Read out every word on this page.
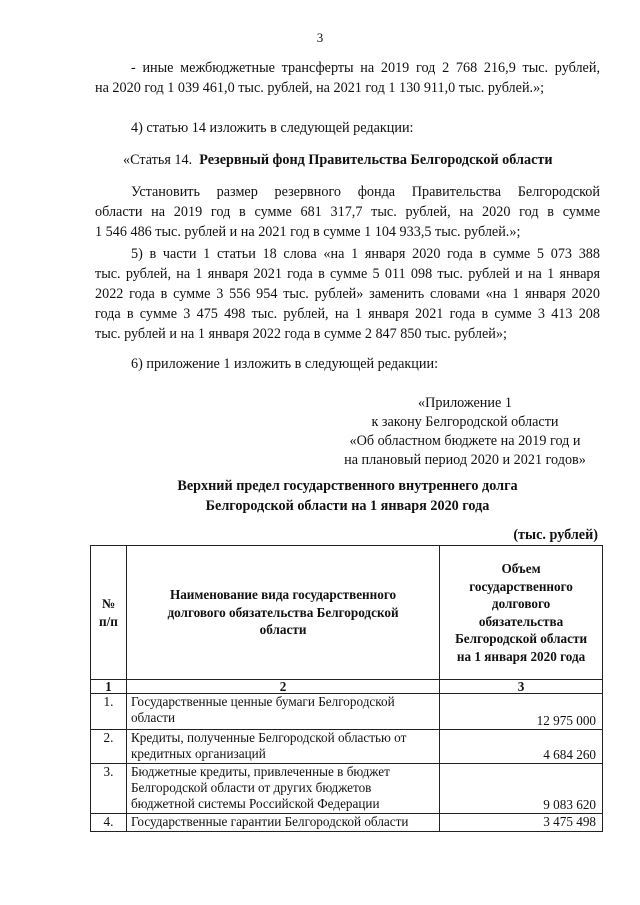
3
- иные межбюджетные трансферты на 2019 год 2 768 216,9 тыс. рублей,
на 2020 год 1 039 461,0 тыс. рублей, на 2021 год 1 130 911,0 тыс. рублей.»;
4) статью 14 изложить в следующей редакции:
«Статья 14. Резервный фонд Правительства Белгородской области
Установить размер резервного фонда Правительства Белгородской
области на 2019 год в сумме 681 317,7 тыс. рублей, на 2020 год в сумме
1 546 486 тыс. рублей и на 2021 год в сумме 1 104 933,5 тыс. рублей.»;
5) в части 1 статьи 18 слова «на 1 января 2020 года в сумме 5 073 388
тыс. рублей, на 1 января 2021 года в сумме 5 011 098 тыс. рублей и на 1 января
2022 года в сумме 3 556 954 тыс. рублей» заменить словами «на 1 января 2020
года в сумме 3 475 498 тыс. рублей, на 1 января 2021 года в сумме 3 413 208
тыс. рублей и на 1 января 2022 года в сумме 2 847 850 тыс. рублей»;
6) приложение 1 изложить в следующей редакции:
«Приложение 1
к закону Белгородской области
«Об областном бюджете на 2019 год и
на плановый период 2020 и 2021 годов»
Верхний предел государственного внутреннего долга
Белгородской области на 1 января 2020 года
(тыс. рублей)
№ п/п	Наименование вида государственного долгового обязательства Белгородской области	Объем государственного долгового обязательства Белгородской области на 1 января 2020 года
1	2	3
1.	Государственные ценные бумаги Белгородской области	12 975 000
2.	Кредиты, полученные Белгородской областью от кредитных организаций	4 684 260
3.	Бюджетные кредиты, привлеченные в бюджет Белгородской области от других бюджетов бюджетной системы Российской Федерации	9 083 620
4.	Государственные гарантии Белгородской области	3 475 498
